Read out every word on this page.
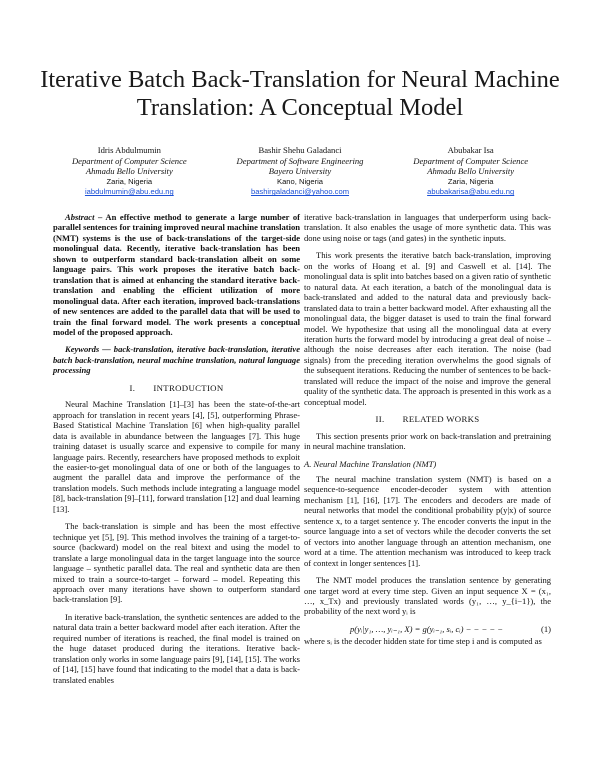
Iterative Batch Back-Translation for Neural Machine Translation: A Conceptual Model
Idris Abdulmumin
Department of Computer Science
Ahmadu Bello University
Zaria, Nigeria
iabdulmumin@abu.edu.ng
Bashir Shehu Galadanci
Department of Software Engineering
Bayero University
Kano, Nigeria
bashirgaladanci@yahoo.com
Abubakar Isa
Department of Computer Science
Ahmadu Bello University
Zaria, Nigeria
abubakarisa@abu.edu.ng

Abstract – An effective method to generate a large number of parallel sentences for training improved neural machine translation (NMT) systems is the use of back-translations of the target-side monolingual data. Recently, iterative back-translation has been shown to outperform standard back-translation albeit on some language pairs. This work proposes the iterative batch back-translation that is aimed at enhancing the standard iterative back-translation and enabling the efficient utilization of more monolingual data. After each iteration, improved back-translations of new sentences are added to the parallel data that will be used to train the final forward model. The work presents a conceptual model of the proposed approach.

Keywords — back-translation, iterative back-translation, iterative batch back-translation, neural machine translation, natural language processing

I.  INTRODUCTION

Neural Machine Translation [1]–[3] has been the state-of-the-art approach for translation in recent years [4], [5], outperforming Phrase-Based Statistical Machine Translation [6] when high-quality parallel data is available in abundance between the languages [7]. This huge training dataset is usually scarce and expensive to compile for many language pairs. Recently, researchers have proposed methods to exploit the easier-to-get monolingual data of one or both of the languages to augment the parallel data and improve the performance of the translation models. Such methods include integrating a language model [8], back-translation [9]–[11], forward translation [12] and dual learning [13].

The back-translation is simple and has been the most effective technique yet [5], [9]. This method involves the training of a target-to-source (backward) model on the real bitext and using the model to translate a large monolingual data in the target language into the source language – synthetic parallel data. The real and synthetic data are then mixed to train a source-to-target – forward – model. Repeating this approach over many iterations have shown to outperform standard back-translation [9].

In iterative back-translation, the synthetic sentences are added to the natural data train a better backward model after each iteration. After the required number of iterations is reached, the final model is trained on the huge dataset produced during the iterations. Iterative back-translation only works in some language pairs [9], [14], [15]. The works of [14], [15] have found that indicating to the model that a data is back-translated enables

iterative back-translation in languages that underperform using back-translation. It also enables the usage of more synthetic data. This was done using noise or tags (and gates) in the synthetic inputs.

This work presents the iterative batch back-translation, improving on the works of Hoang et al. [9] and Caswell et al. [14]. The monolingual data is split into batches based on a given ratio of synthetic to natural data. At each iteration, a batch of the monolingual data is back-translated and added to the natural data and previously back-translated data to train a better backward model. After exhausting all the monolingual data, the bigger dataset is used to train the final forward model. We hypothesize that using all the monolingual data at every iteration hurts the forward model by introducing a great deal of noise – although the noise decreases after each iteration. The noise (bad signals) from the preceding iteration overwhelms the good signals of the subsequent iterations. Reducing the number of sentences to be back-translated will reduce the impact of the noise and improve the general quality of the synthetic data. The approach is presented in this work as a conceptual model.

II.  RELATED WORKS

This section presents prior work on back-translation and pretraining in neural machine translation.

A. Neural Machine Translation (NMT)

The neural machine translation system (NMT) is based on a sequence-to-sequence encoder-decoder system with attention mechanism [1], [16], [17]. The encoders and decoders are made of neural networks that model the conditional probability p(y|x) of source sentence x, to a target sentence y. The encoder converts the input in the source language into a set of vectors while the decoder converts the set of vectors into another language through an attention mechanism, one word at a time. The attention mechanism was introduced to keep track of context in longer sentences [1].

The NMT model produces the translation sentence by generating one target word at every time step. Given an input sequence X = (x₁, …, x_Tx) and previously translated words (y₁, …, y_{i−1}), the probability of the next word yᵢ is

p(yᵢ|y₁, …, yᵢ₋₁, X) = g(yᵢ₋₁, sᵢ, cᵢ) − − − − −	(1)

where sᵢ is the decoder hidden state for time step i and is computed as
